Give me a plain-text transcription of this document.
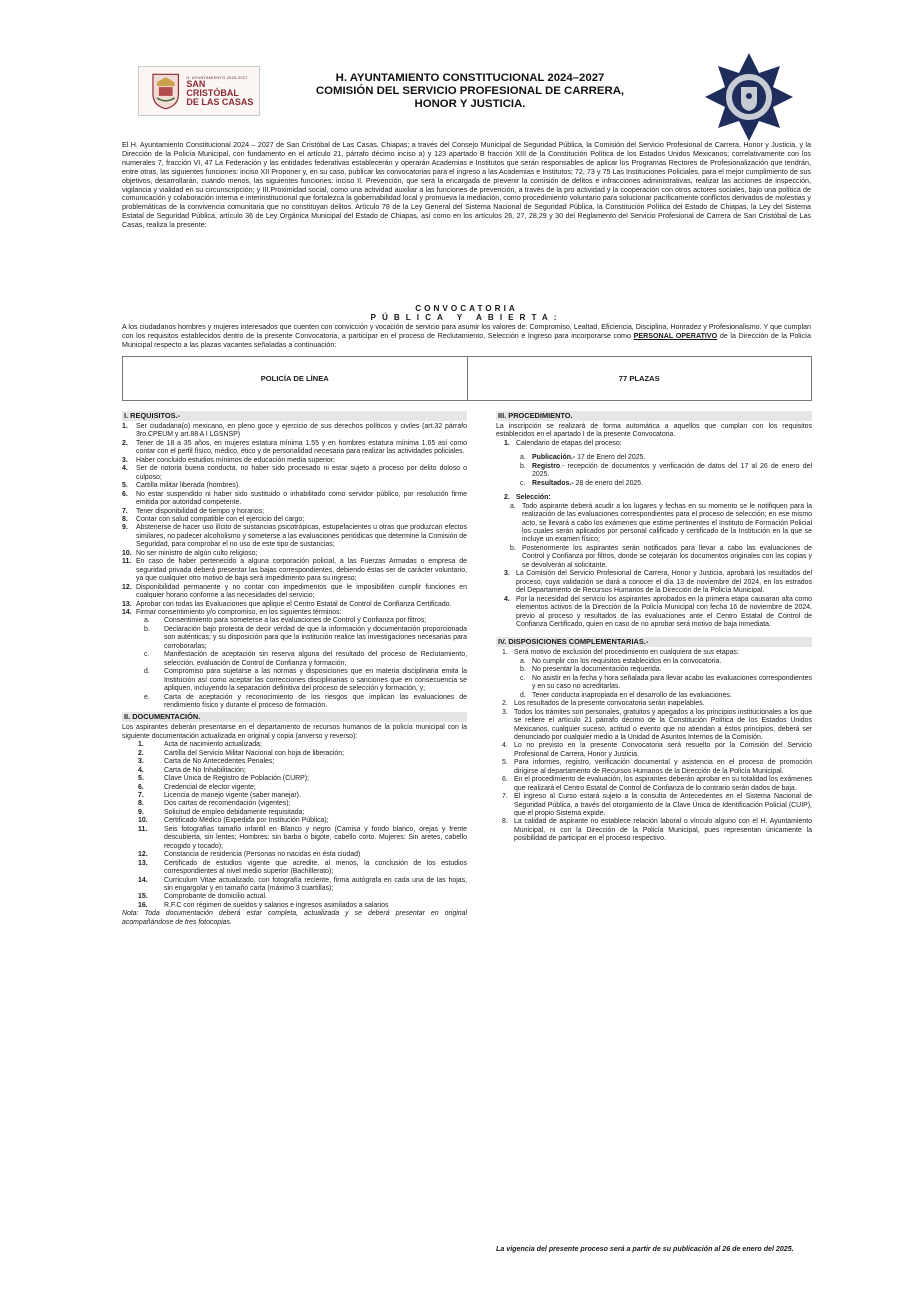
H. AYUNTAMIENTO 2024-2027
SAN CRISTÓBAL
DE LAS CASAS
H. AYUNTAMIENTO CONSTITUCIONAL 2024–2027
COMISIÓN DEL SERVICIO PROFESIONAL DE CARRERA,
HONOR Y JUSTICIA.
El H. Ayuntamiento Constitucional 2024 – 2027 de San Cristóbal de Las Casas, Chiapas; a través del Consejo Municipal de Seguridad Pública, la Comisión del Servicio Profesional de Carrera, Honor y Justicia, y la Dirección de la Policía Municipal, con fundamento en el artículo 21, párrafo décimo inciso a) y 123 apartado B fracción XIII de la Constitución Política de los Estados Unidos Mexicanos; correlativamente con los numerales 7, fracción VI, 47 La Federación y las entidades federativas establecerán y operarán Academias e Institutos que serán responsables de aplicar los Programas Rectores de Profesionalización que tendrán, entre otras, las siguientes funciones: inciso XII Proponer y, en su caso, publicar las convocatorias para el ingreso a las Academias e Institutos; 72, 73 y 75 Las Instituciones Policiales, para el mejor cumplimiento de sus objetivos, desarrollarán, cuando menos, las siguientes funciones: inciso II. Prevención, que será la encargada de prevenir la comisión de delitos e infracciones administrativas, realizar las acciones de inspección, vigilancia y vialidad en su circunscripción; y III.Proximidad social, como una actividad auxiliar a las funciones de prevención, a través de la pro actividad y la cooperación con otros actores sociales, bajo una política de comunicación y colaboración interna e interinstitucional que fortalezca la gobernabilidad local y promueva la mediación, como procedimiento voluntario para solucionar pacíficamente conflictos derivados de molestias y problemáticas de la convivencia comunitaria que no constituyan delitos. Artículo 78 de la Ley General del Sistema Nacional de Seguridad Pública, la Constitución Política del Estado de Chiapas, la Ley del Sistema Estatal de Seguridad Pública, artículo 36 de Ley Orgánica Municipal del Estado de Chiapas, así como en los artículos 26, 27, 28,29 y 30 del Reglamento del Servicio Profesional de Carrera de San Cristóbal de Las Casas, realiza la presente:
CONVOCATORIA
PÚBLICA Y ABIERTA:
A los ciudadanos hombres y mujeres interesados que cuenten con convicción y vocación de servicio para asumir los valores de: Compromiso, Lealtad, Eficiencia, Disciplina, Honradez y Profesionalismo. Y que cumplan con los requisitos establecidos dentro de la presente Convocatoria, a participar en el proceso de Reclutamiento, Selección e Ingreso para incorporarse como PERSONAL OPERATIVO de la Dirección de la Policía Municipal respecto a las plazas vacantes señaladas a continuación:
POLICÍA DE LÍNEA	77 PLAZAS
I. REQUISITOS.-
1.	Ser ciudadana(o) mexicano, en pleno goce y ejercicio de sus derechos políticos y civiles (art.32 párrafo 3ro.CPEUM y art.88 A I LGSNSP)
2.	Tener de 18 a 35 años, en mujeres estatura mínima 1.55 y en hombres estatura mínima 1.65 así como contar con el perfil físico, médico, ético y de personalidad necesaria para realizar las actividades policiales.
3.	Haber concluido estudios mínimos de educación media superior;
4.	Ser de notoria buena conducta, no haber sido procesado ni estar sujeto a proceso por delito doloso o culposo;
5.	Cartilla militar liberada (hombres).
6.	No estar suspendido ni haber sido sustituido o inhabilitado como servidor público, por resolución firme emitida por autoridad competente.
7.	Tener disponibilidad de tiempo y horarios;
8.	Contar con salud compatible con el ejercicio del cargo;
9.	Abstenerse de hacer uso ilícito de sustancias psicotrópicas, estupefacientes u otras que produzcan efectos similares, no padecer alcoholismo y someterse a las evaluaciones periódicas que determine la Comisión de Seguridad, para comprobar el no uso de este tipo de sustancias;
10. No ser ministro de algún culto religioso;
11. En caso de haber pertenecido a alguna corporación policial, a las Fuerzas Armadas o empresa de seguridad privada deberá presentar las bajas correspondientes, debiendo éstas ser de carácter voluntario, ya que cualquier otro motivo de baja será impedimento para su ingreso;
12. Disponibilidad permanente y no contar con impedimentos que le imposibiliten cumplir funciones en cualquier horario conforme a las necesidades del servicio;
13. Aprobar con todas las Evaluaciones que aplique el Centro Estatal de Control de Confianza Certificado.
14. Firmar consentimiento y/o compromiso, en los siguientes términos:
a.	Consentimiento para someterse a las evaluaciones de Control y Confianza por filtros;
b.	Declaración bajo protesta de decir verdad de que la información y documentación proporcionada son auténticas; y su disposición para que la institución realice las investigaciones necesarias para corroborarlas;
c.	Manifestación de aceptación sin reserva alguna del resultado del proceso de Reclutamiento, selección, evaluación de Control de Confianza y formación;
d.	Compromiso para sujetarse a las normas y disposiciones que en materia disciplinaria emita la Institución así como aceptar las correcciones disciplinarias o sanciones que en consecuencia se apliquen, incluyendo la separación definitiva del proceso de selección y formación, y;
e.	Carta de aceptación y reconocimiento de los riesgos que implican las evaluaciones de rendimiento físico y durante el proceso de formación.
II. DOCUMENTACIÓN.
Los aspirantes deberán presentarse en el departamento de recursos humanos de la policía municipal con la siguiente documentación actualizada en original y copia (anverso y reverso):
1.	Acta de nacimiento actualizada;
2.	Cartilla del Servicio Militar Nacional con hoja de liberación;
3.	Carta de No Antecedentes Penales;
4.	Carta de No Inhabilitación;
5.	Clave Única de Registro de Población (CURP);
6.	Credencial de elector vigente;
7.	Licencia de manejo vigente (saber manejar).
8.	Dos cartas de recomendación (vigentes);
9.	Solicitud de empleo debidamente requisitada;
10.	Certificado Médico (Expedida por Institución Pública);
11.	Seis fotografías tamaño infantil en Blanco y negro (Camisa y fondo blanco, orejas y frente descubierta, sin lentes; Hombres: sin barba o bigote, cabello corto. Mujeres: Sin aretes, cabello recogido y tocado);
12.	Constancia de residencia (Personas no nacidas en ésta ciudad)
13.	Certificado de estudios vigente que acredite, al menos, la conclusión de los estudios correspondientes al nivel medio superior (Bachillerato);
14.	Curriculum Vitae actualizado, con fotografía reciente, firma autógrafa en cada una de las hojas, sin engargolar y en tamaño carta (máximo 3 cuartillas);
15.	Comprobante de domicilio actual.
16.	R.F.C con régimen de sueldos y salarios e ingresos asimilados a salarios
Nota: Toda documentación deberá estar completa, actualizada y se deberá presentar en original acompañándose de tres fotocopias.
III. PROCEDIMIENTO.
La inscripción se realizará de forma automática a aquellos que cumplan con los requisitos establecidos en el apartado I de la presente Convocatoria.
1. Calendario de etapas del proceso:
a. Publicación.- 17 de Enero del 2025.
b. Registro.- recepción de documentos y verificación de datos del 17 al 26 de enero del 2025.
c. Resultados.- 28 de enero del 2025.
2. Selección:
a. Todo aspirante deberá acudir a los lugares y fechas en su momento se le notifiquen para la realización de las evaluaciones correspondientes para el proceso de selección; en ese mismo acto, se llevará a cabo los exámenes que estime pertinentes el Instituto de Formación Policial los cuales serán aplicados por personal calificado y certificado de la Institución en la que se incluye un examen físico;
b. Posteriormente los aspirantes serán notificados para llevar a cabo las evaluaciones de Control y Confianza por filtros, donde se cotejarán los documentos originales con las copias y se devolverán al solicitante.
3. La Comisión del Servicio Profesional de Carrera, Honor y Justicia, aprobará los resultados del proceso, cuya validación se dará a conocer el día 13 de noviembre del 2024, en los estrados del Departamento de Recursos Humanos de la Dirección de la Policía Municipal.
4. Por la necesidad del servicio los aspirantes aprobados en la primera etapa causaran alta como elementos activos de la Dirección de la Policía Municipal con fecha 16 de noviembre de 2024, previo al proceso y resultados de las evaluaciones ante el Centro Estatal de Control de Confianza Certificado, quien en caso de no aprobar será motivo de baja inmediata.
IV. DISPOSICIONES COMPLEMENTARIAS.-
1. Será motivo de exclusión del procedimiento en cualquiera de sus etapas:
a. No cumplir con los requisitos establecidos en la convocatoria.
b. No presentar la documentación requerida.
c. No asistir en la fecha y hora señalada para llevar acabo las evaluaciones correspondientes y en su caso no acreditarlas.
d. Tener conducta inapropiada en el desarrollo de las evaluaciones.
2. Los resultados de la presente convocatoria serán inapelables.
3. Todos los trámites son personales, gratuitos y apegados a los principios institucionales a los que se refiere el artículo 21 párrafo décimo de la Constitución Política de los Estados Unidos Mexicanos, cualquier suceso, actitud o evento que no atiendan a éstos principios, deberá ser denunciado por cualquier medio a la Unidad de Asuntos Internos de la Comisión.
4. Lo no previsto en la presente Convocatoria será resuelto por la Comisión del Servicio Profesional de Carrera, Honor y Justicia.
5. Para informes, registro, verificación documental y asistencia en el proceso de promoción dirigirse al departamento de Recursos Humanos de la Dirección de la Policía Municipal.
6. En el procedimiento de evaluación, los aspirantes deberán aprobar en su totalidad los exámenes que realizará el Centro Estatal de Control de Confianza de lo contrario serán dados de baja.
7. El ingreso al Curso estará sujeto a la consulta de Antecedentes en el Sistema Nacional de Seguridad Pública, a través del otorgamiento de la Clave Única de Identificación Policial (CUIP), que el propio Sistema expide.
8. La calidad de aspirante no establece relación laboral o vínculo alguno con el H. Ayuntamiento Municipal, ni con la Dirección de la Policía Municipal, pues representan únicamente la posibilidad de participar en el proceso respectivo.
La vigencia del presente proceso será a partir de su publicación al 26 de enero del 2025.
